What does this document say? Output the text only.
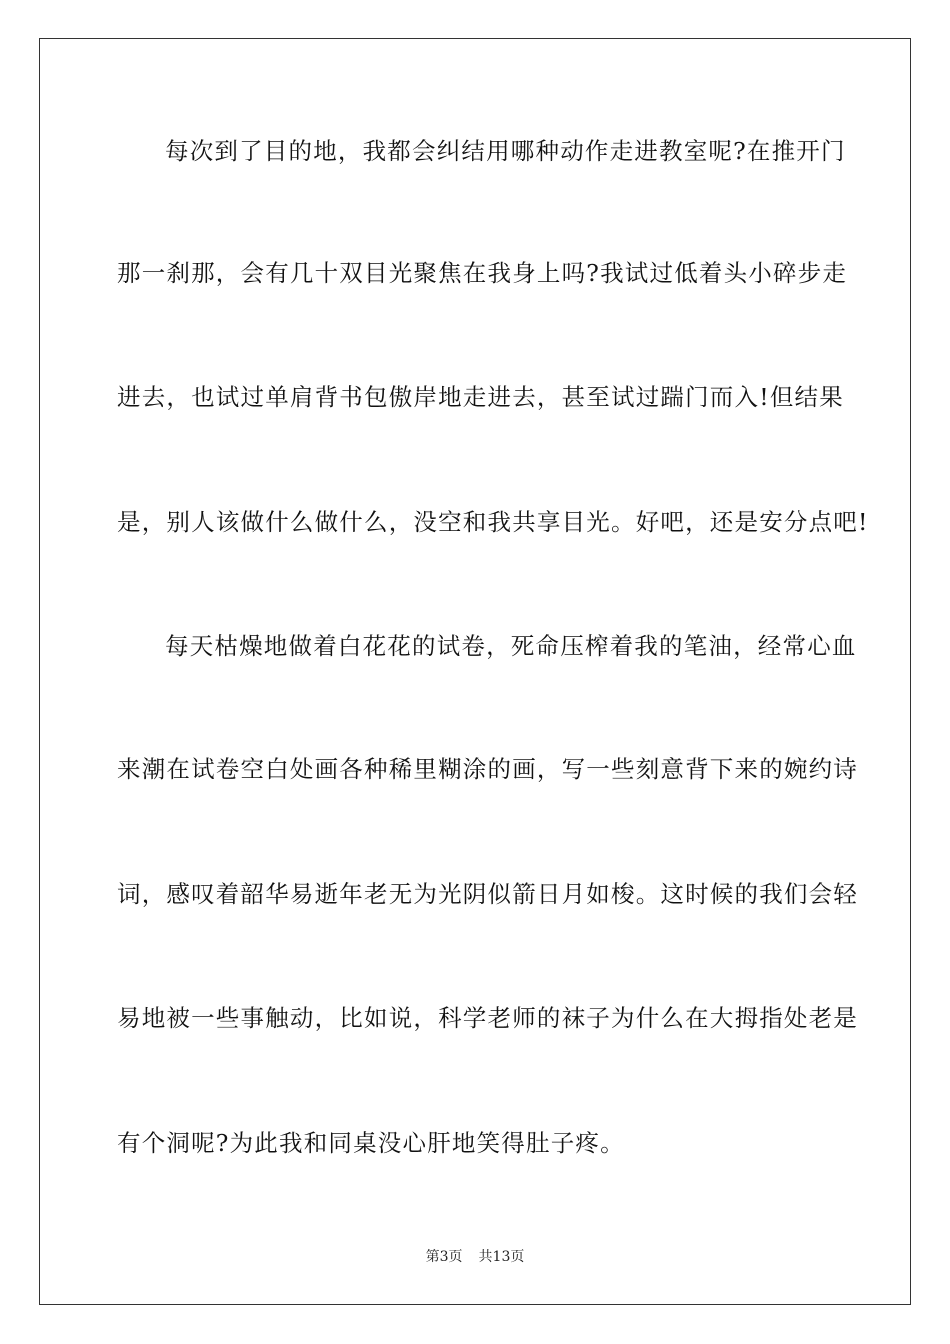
每次到了目的地，我都会纠结用哪种动作走进教室呢?在推开门
那一刹那，会有几十双目光聚焦在我身上吗?我试过低着头小碎步走
进去，也试过单肩背书包傲岸地走进去，甚至试过踹门而入!但结果
是，别人该做什么做什么，没空和我共享目光。好吧，还是安分点吧!
每天枯燥地做着白花花的试卷，死命压榨着我的笔油，经常心血
来潮在试卷空白处画各种稀里糊涂的画，写一些刻意背下来的婉约诗
词，感叹着韶华易逝年老无为光阴似箭日月如梭。这时候的我们会轻
易地被一些事触动，比如说，科学老师的袜子为什么在大拇指处老是
有个洞呢?为此我和同桌没心肝地笑得肚子疼。
第3页 共13页
